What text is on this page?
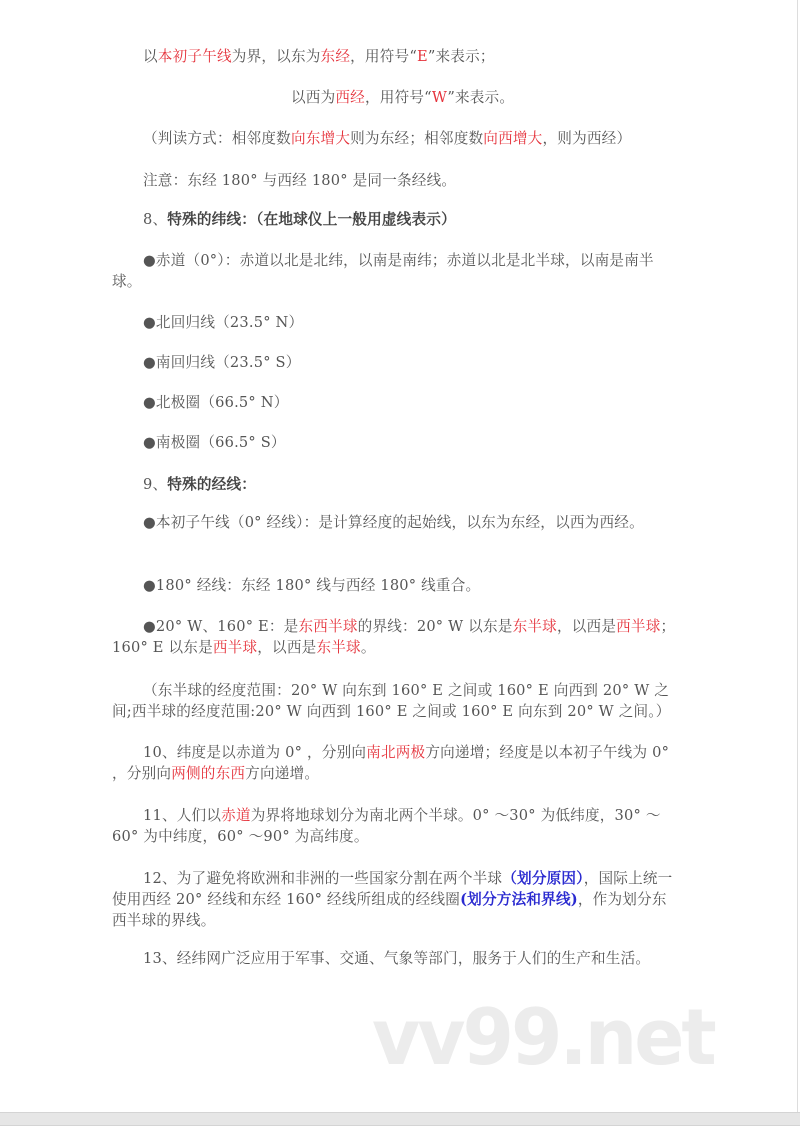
以本初子午线为界，以东为东经，用符号“E”来表示；
以西为西经，用符号“W”来表示。
（判读方式：相邻度数向东增大则为东经；相邻度数向西增大，则为西经）
注意：东经 180° 与西经 180° 是同一条经线。
8、特殊的纬线：（在地球仪上一般用虚线表示）
●赤道（0°）：赤道以北是北纬，以南是南纬；赤道以北是北半球，以南是南半球。
●北回归线（23.5° N）
●南回归线（23.5° S）
●北极圈（66.5° N）
●南极圈（66.5° S）
9、特殊的经线：
●本初子午线（0° 经线）：是计算经度的起始线，以东为东经，以西为西经。
●180° 经线：东经 180° 线与西经 180° 线重合。
●20° W、160° E：是东西半球的界线：20° W 以东是东半球，以西是西半球；160° E 以东是西半球，以西是东半球。
（东半球的经度范围：20° W 向东到 160° E 之间或 160° E 向西到 20° W 之间;西半球的经度范围:20° W 向西到 160° E 之间或 160° E 向东到 20° W 之间。）
10、纬度是以赤道为 0° ，分别向南北两极方向递增；经度是以本初子午线为 0° ，分别向两侧的东西方向递增。
11、人们以赤道为界将地球划分为南北两个半球。0° ～30° 为低纬度，30° ～60° 为中纬度，60° ～90° 为高纬度。
12、为了避免将欧洲和非洲的一些国家分割在两个半球（划分原因），国际上统一使用西经 20° 经线和东经 160° 经线所组成的经线圈(划分方法和界线)，作为划分东西半球的界线。
13、经纬网广泛应用于军事、交通、气象等部门，服务于人们的生产和生活。
vv99.net
